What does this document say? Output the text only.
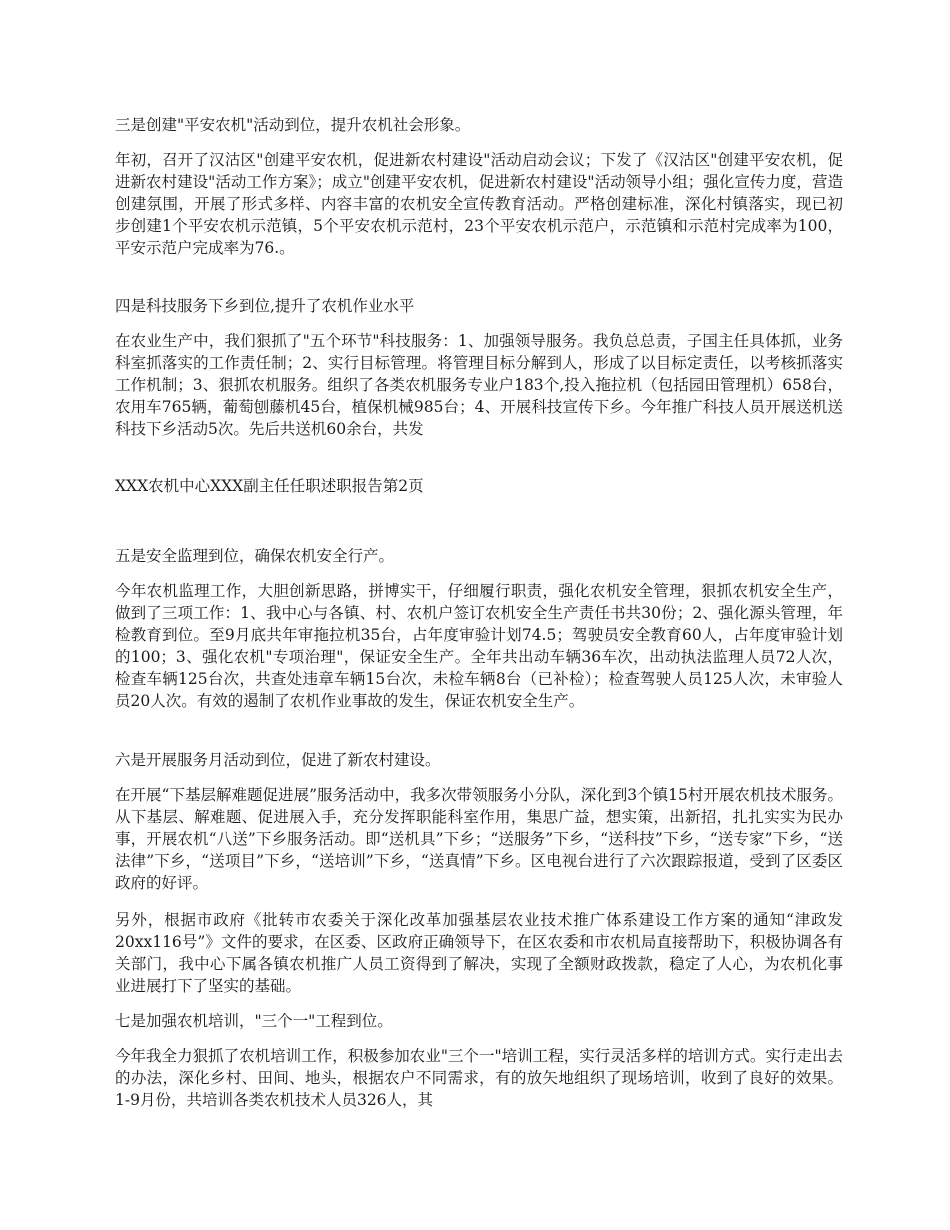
三是创建"平安农机"活动到位，提升农机社会形象。

年初，召开了汉沽区"创建平安农机，促进新农村建设"活动启动会议；下发了《汉沽区"创建平安农机，促进新农村建设"活动工作方案》；成立"创建平安农机，促进新农村建设"活动领导小组；强化宣传力度，营造创建氛围，开展了形式多样、内容丰富的农机安全宣传教育活动。严格创建标准，深化村镇落实，现已初步创建1个平安农机示范镇，5个平安农机示范村，23个平安农机示范户，示范镇和示范村完成率为100，平安示范户完成率为76.。

四是科技服务下乡到位,提升了农机作业水平

在农业生产中，我们狠抓了"五个环节"科技服务：1、加强领导服务。我负总总责，子国主任具体抓，业务科室抓落实的工作责任制；2、实行目标管理。将管理目标分解到人，形成了以目标定责任，以考核抓落实工作机制；3、狠抓农机服务。组织了各类农机服务专业户183个,投入拖拉机（包括园田管理机）658台，农用车765辆，葡萄刨藤机45台，植保机械985台；4、开展科技宣传下乡。今年推广科技人员开展送机送科技下乡活动5次。先后共送机60余台，共发

XXX农机中心XXX副主任任职述职报告第2页

五是安全监理到位，确保农机安全行产。

今年农机监理工作，大胆创新思路，拼博实干，仔细履行职责，强化农机安全管理，狠抓农机安全生产，做到了三项工作：1、我中心与各镇、村、农机户签订农机安全生产责任书共30份；2、强化源头管理，年检教育到位。至9月底共年审拖拉机35台，占年度审验计划74.5；驾驶员安全教育60人，占年度审验计划的100；3、强化农机"专项治理"，保证安全生产。全年共出动车辆36车次，出动执法监理人员72人次，检查车辆125台次，共查处违章车辆15台次，未检车辆8台（已补检）；检查驾驶人员125人次，未审验人员20人次。有效的遏制了农机作业事故的发生，保证农机安全生产。

六是开展服务月活动到位，促进了新农村建设。

在开展“下基层解难题促进展”服务活动中，我多次带领服务小分队，深化到3个镇15村开展农机技术服务。从下基层、解难题、促进展入手，充分发挥职能科室作用，集思广益，想实策，出新招，扎扎实实为民办事，开展农机“八送”下乡服务活动。即“送机具”下乡；“送服务”下乡，“送科技”下乡，“送专家”下乡，“送法律”下乡，“送项目”下乡，“送培训”下乡，“送真情”下乡。区电视台进行了六次跟踪报道，受到了区委区政府的好评。

另外，根据市政府《批转市农委关于深化改革加强基层农业技术推广体系建设工作方案的通知“津政发20xx116号”》文件的要求，在区委、区政府正确领导下，在区农委和市农机局直接帮助下，积极协调各有关部门，我中心下属各镇农机推广人员工资得到了解决，实现了全额财政拨款，稳定了人心，为农机化事业进展打下了坚实的基础。

七是加强农机培训，"三个一"工程到位。

今年我全力狠抓了农机培训工作，积极参加农业"三个一"培训工程，实行灵活多样的培训方式。实行走出去的办法，深化乡村、田间、地头，根据农户不同需求，有的放矢地组织了现场培训，收到了良好的效果。1-9月份，共培训各类农机技术人员326人，其
